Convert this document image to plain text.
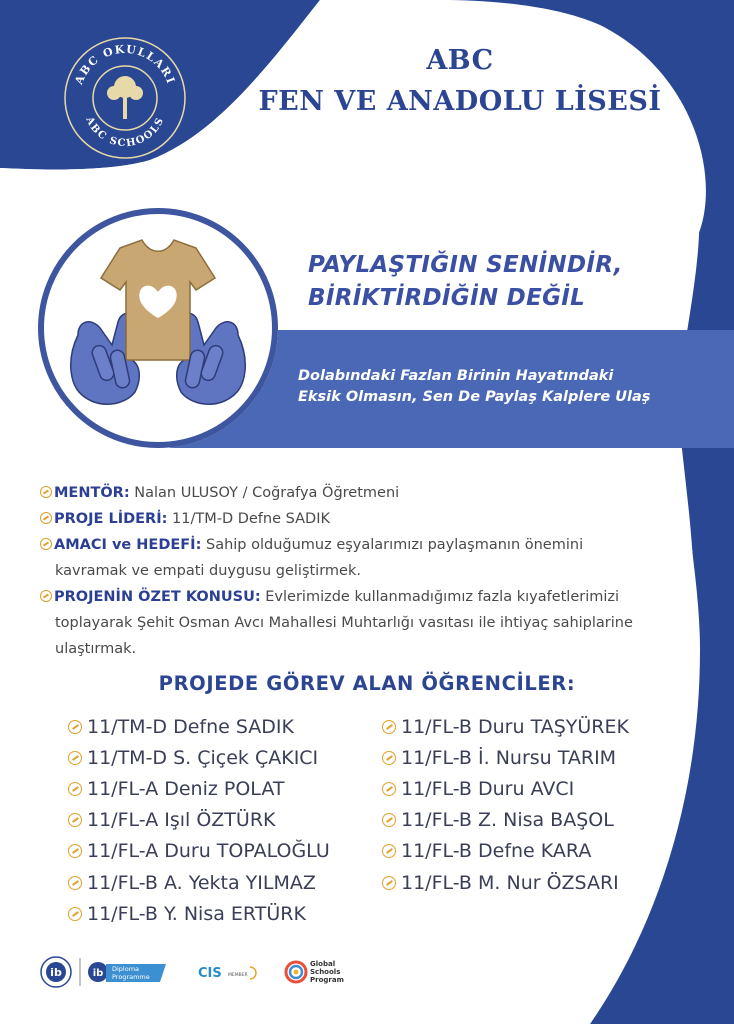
ABC OKULLARI
ABC SCHOOLS
ABC
FEN VE ANADOLU LİSESİ
PAYLAŞTIĞIN SENİNDİR,
BİRİKTİRDİĞİN DEĞİL
Dolabındaki Fazlan Birinin Hayatındaki
Eksik Olmasın, Sen De Paylaş Kalplere Ulaş
MENTÖR: Nalan ULUSOY / Coğrafya Öğretmeni
PROJE LİDERİ: 11/TM-D Defne SADIK
AMACI ve HEDEFİ: Sahip olduğumuz eşyalarımızı paylaşmanın önemini
kavramak ve empati duygusu geliştirmek.
PROJENİN ÖZET KONUSU: Evlerimizde kullanmadığımız fazla kıyafetlerimizi
toplayarak Şehit Osman Avcı Mahallesi Muhtarlığı vasıtası ile ihtiyaç sahiplarine
ulaştırmak.
PROJEDE GÖREV ALAN ÖĞRENCİLER:
11/TM-D Defne SADIK
11/TM-D S. Çiçek ÇAKICI
11/FL-A Deniz POLAT
11/FL-A Işıl ÖZTÜRK
11/FL-A Duru TOPALOĞLU
11/FL-B A. Yekta YILMAZ
11/FL-B Y. Nisa ERTÜRK
11/FL-B Duru TAŞYÜREK
11/FL-B İ. Nursu TARIM
11/FL-B Duru AVCI
11/FL-B Z. Nisa BAŞOL
11/FL-B Defne KARA
11/FL-B M. Nur ÖZSARI
ib	ib Diploma
Programme	CIS MEMBER
Global
Schools
Program
